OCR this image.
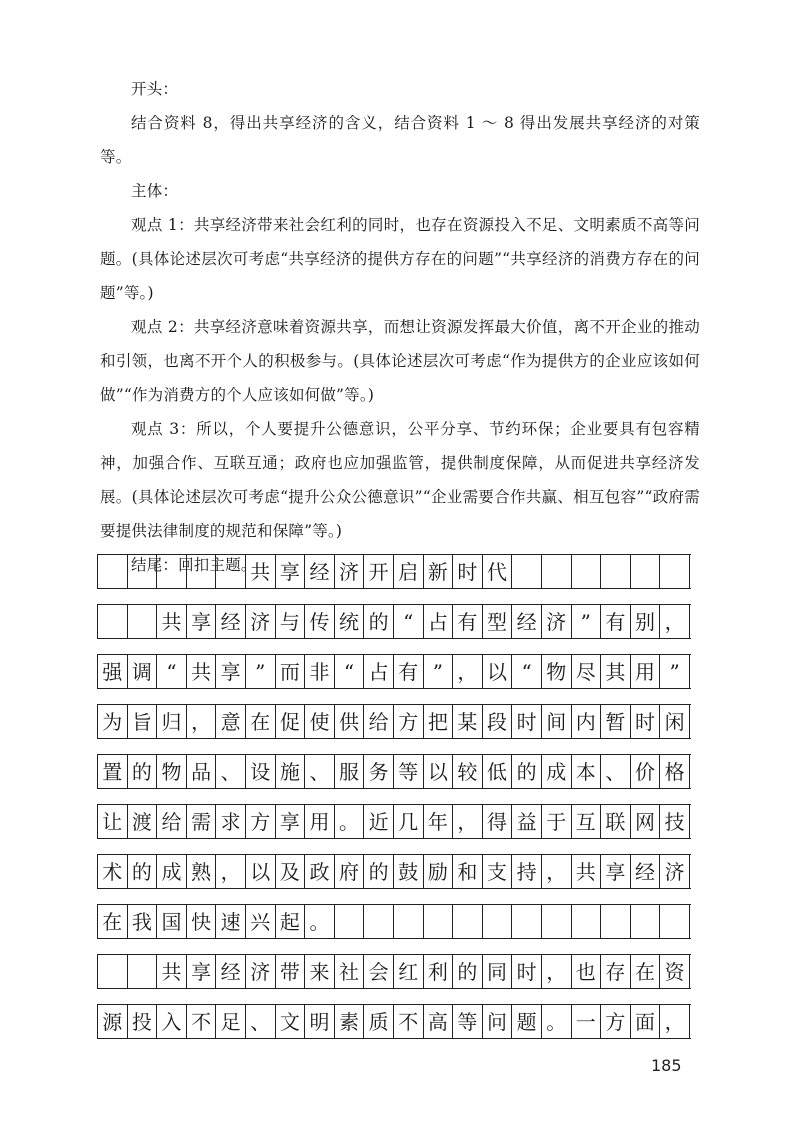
开头：

结合资料 8，得出共享经济的含义，结合资料 1 ～ 8 得出发展共享经济的对策等。

主体：

观点 1：共享经济带来社会红利的同时，也存在资源投入不足、文明素质不高等问题。(具体论述层次可考虑“共享经济的提供方存在的问题”“共享经济的消费方存在的问题”等。)

观点 2：共享经济意味着资源共享，而想让资源发挥最大价值，离不开企业的推动和引领，也离不开个人的积极参与。(具体论述层次可考虑“作为提供方的企业应该如何做”“作为消费方的个人应该如何做”等。)

观点 3：所以，个人要提升公德意识，公平分享、节约环保；企业要具有包容精神，加强合作、互联互通；政府也应加强监管，提供制度保障，从而促进共享经济发展。(具体论述层次可考虑“提升公众公德意识”“企业需要合作共赢、相互包容”“政府需要提供法律制度的规范和保障”等。)

结尾：回扣主题。

共 享 经 济 开 启 新 时 代
共 享 经 济 与 传 统 的 “ 占 有 型 经 济 ” 有 别 ，
强 调 “ 共 享 ” 而 非 “ 占 有 ” ， 以 “ 物 尽 其 用 ”
为 旨 归 ， 意 在 促 使 供 给 方 把 某 段 时 间 内 暂 时 闲
置 的 物 品 、 设 施 、 服 务 等 以 较 低 的 成 本 、 价 格
让 渡 给 需 求 方 享 用 。 近 几 年 ， 得 益 于 互 联 网 技
术 的 成 熟 ， 以 及 政 府 的 鼓 励 和 支 持 ， 共 享 经 济
在 我 国 快 速 兴 起 。
共 享 经 济 带 来 社 会 红 利 的 同 时 ， 也 存 在 资
源 投 入 不 足 、 文 明 素 质 不 高 等 问 题 。 一 方 面 ，
185
